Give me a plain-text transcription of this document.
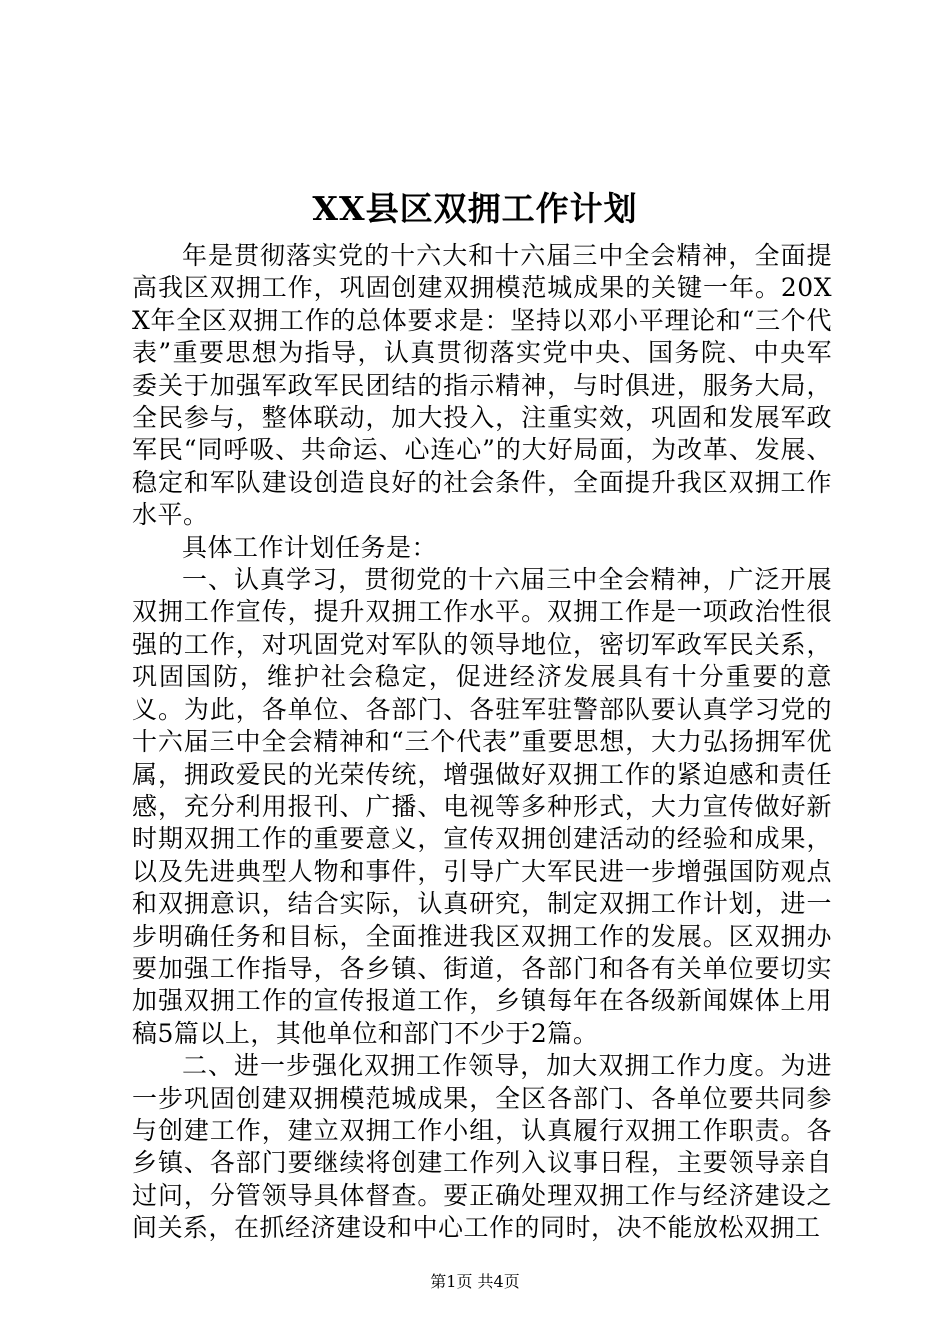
XX县区双拥工作计划

年是贯彻落实党的十六大和十六届三中全会精神，全面提高我区双拥工作，巩固创建双拥模范城成果的关键一年。20XX年全区双拥工作的总体要求是：坚持以邓小平理论和“三个代表”重要思想为指导，认真贯彻落实党中央、国务院、中央军委关于加强军政军民团结的指示精神，与时俱进，服务大局，全民参与，整体联动，加大投入，注重实效，巩固和发展军政军民“同呼吸、共命运、心连心”的大好局面，为改革、发展、稳定和军队建设创造良好的社会条件，全面提升我区双拥工作水平。

具体工作计划任务是：

一、认真学习，贯彻党的十六届三中全会精神，广泛开展双拥工作宣传，提升双拥工作水平。双拥工作是一项政治性很强的工作，对巩固党对军队的领导地位，密切军政军民关系，巩固国防，维护社会稳定，促进经济发展具有十分重要的意义。为此，各单位、各部门、各驻军驻警部队要认真学习党的十六届三中全会精神和“三个代表”重要思想，大力弘扬拥军优属，拥政爱民的光荣传统，增强做好双拥工作的紧迫感和责任感，充分利用报刊、广播、电视等多种形式，大力宣传做好新时期双拥工作的重要意义，宣传双拥创建活动的经验和成果，以及先进典型人物和事件，引导广大军民进一步增强国防观点和双拥意识，结合实际，认真研究，制定双拥工作计划，进一步明确任务和目标，全面推进我区双拥工作的发展。区双拥办要加强工作指导，各乡镇、街道，各部门和各有关单位要切实加强双拥工作的宣传报道工作，乡镇每年在各级新闻媒体上用稿5篇以上，其他单位和部门不少于2篇。

二、进一步强化双拥工作领导，加大双拥工作力度。为进一步巩固创建双拥模范城成果，全区各部门、各单位要共同参与创建工作，建立双拥工作小组，认真履行双拥工作职责。各乡镇、各部门要继续将创建工作列入议事日程，主要领导亲自过问，分管领导具体督查。要正确处理双拥工作与经济建设之间关系，在抓经济建设和中心工作的同时，决不能放松双拥工

第1页 共4页
